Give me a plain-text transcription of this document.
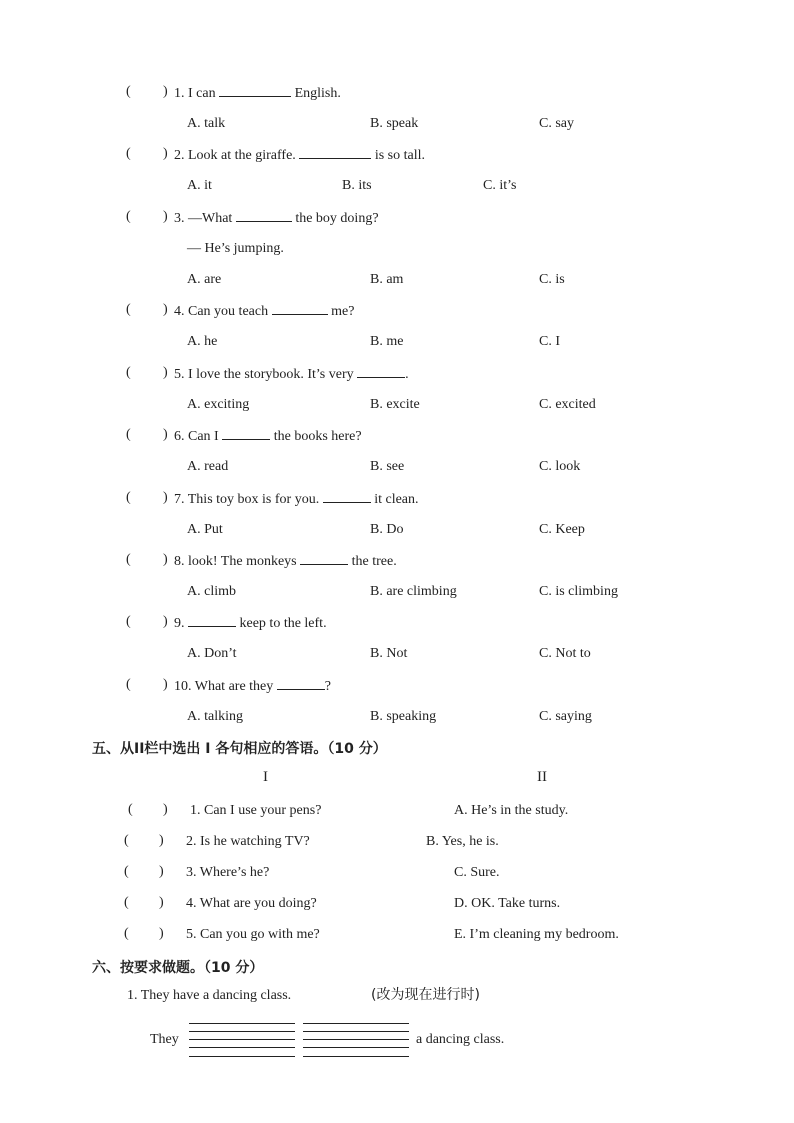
( ) 1. I can	English.
A. talk	B. speak	C. say
( ) 2. Look at the giraffe.	is so tall.
A. it	B. its	C. it’s
( ) 3. —What	the boy doing?
— He’s jumping.
A. are	B. am	C. is
( ) 4. Can you teach	me?
A. he	B. me	C. I
( ) 5. I love the storybook. It’s very	.
A. exciting	B. excite	C. excited
( ) 6. Can I	the books here?
A. read	B. see	C. look
( ) 7. This toy box is for you.	it clean.
A. Put	B. Do	C. Keep
( ) 8. look! The monkeys	the tree.
A. climb	B. are climbing	C. is climbing
( ) 9.	keep to the left.
A. Don’t	B. Not	C. Not to
( ) 10. What are they	?
A. talking	B. speaking	C. saying
五、从II栏中选出 I 各句相应的答语。（10 分）
I	II
( ) 1. Can I use your pens?	A. He’s in the study.
( ) 2. Is he watching TV?	B. Yes, he is.
( ) 3. Where’s he?	C. Sure.
( ) 4. What are you doing?	D. OK. Take turns.
( ) 5. Can you go with me?	E. I’m cleaning my bedroom.
六、按要求做题。（10 分）
1. They have a dancing class.	(改为现在进行时)
They	a dancing class.
